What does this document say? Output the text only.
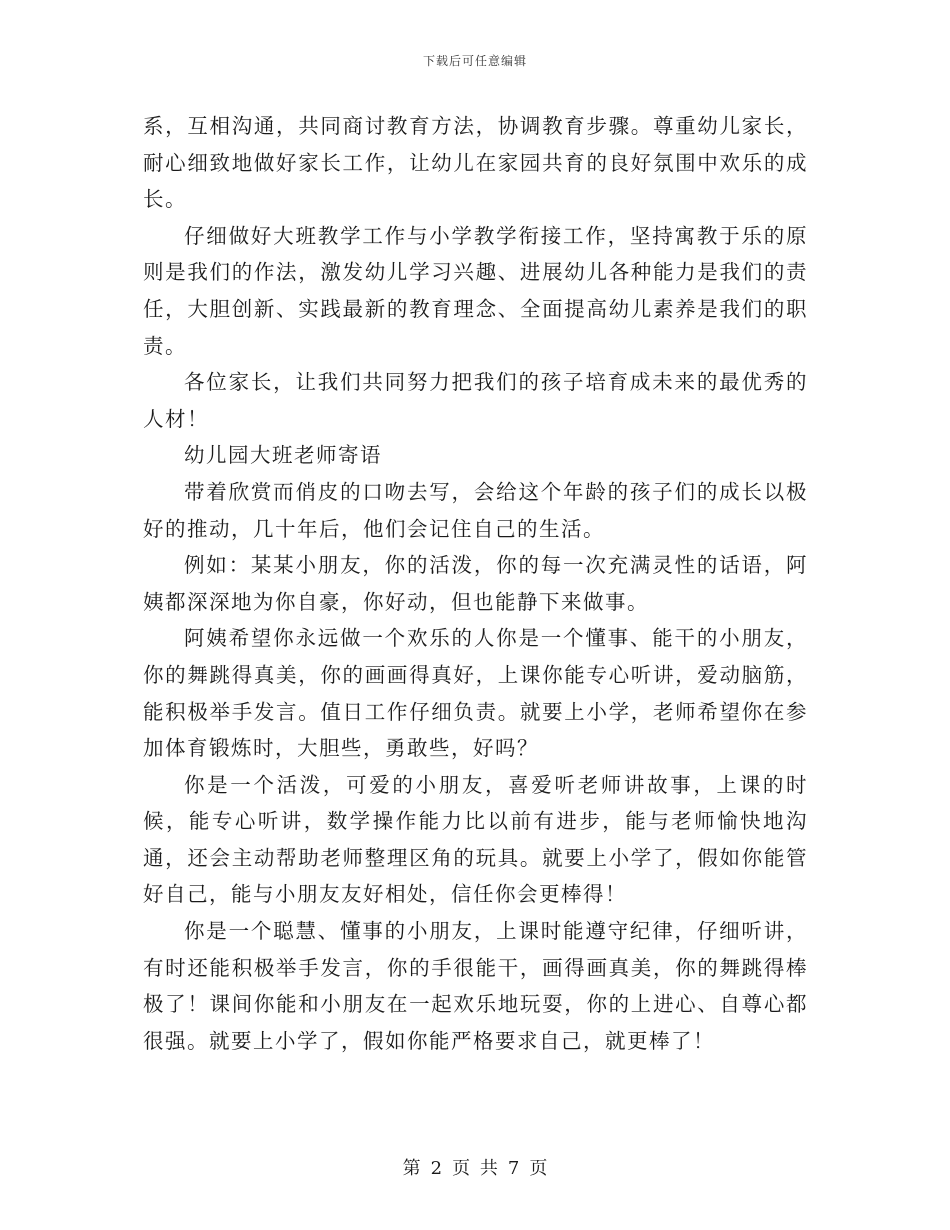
下载后可任意编辑

系，互相沟通，共同商讨教育方法，协调教育步骤。尊重幼儿家长，耐心细致地做好家长工作，让幼儿在家园共育的良好氛围中欢乐的成长。

仔细做好大班教学工作与小学教学衔接工作，坚持寓教于乐的原则是我们的作法，激发幼儿学习兴趣、进展幼儿各种能力是我们的责任，大胆创新、实践最新的教育理念、全面提高幼儿素养是我们的职责。

各位家长，让我们共同努力把我们的孩子培育成未来的最优秀的人材！

幼儿园大班老师寄语

带着欣赏而俏皮的口吻去写，会给这个年龄的孩子们的成长以极好的推动，几十年后，他们会记住自己的生活。

例如：某某小朋友，你的活泼，你的每一次充满灵性的话语，阿姨都深深地为你自豪，你好动，但也能静下来做事。

阿姨希望你永远做一个欢乐的人你是一个懂事、能干的小朋友，你的舞跳得真美，你的画画得真好，上课你能专心听讲，爱动脑筋，能积极举手发言。值日工作仔细负责。就要上小学，老师希望你在参加体育锻炼时，大胆些，勇敢些，好吗？

你是一个活泼，可爱的小朋友，喜爱听老师讲故事，上课的时候，能专心听讲，数学操作能力比以前有进步，能与老师愉快地沟通，还会主动帮助老师整理区角的玩具。就要上小学了，假如你能管好自己，能与小朋友友好相处，信任你会更棒得！

你是一个聪慧、懂事的小朋友，上课时能遵守纪律，仔细听讲，有时还能积极举手发言，你的手很能干，画得画真美，你的舞跳得棒极了！课间你能和小朋友在一起欢乐地玩耍，你的上进心、自尊心都很强。就要上小学了，假如你能严格要求自己，就更棒了！

第 2 页 共 7 页
